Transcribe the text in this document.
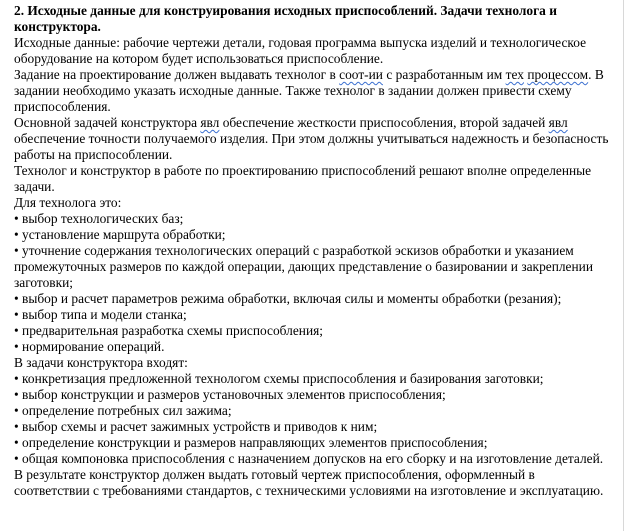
2. Исходные данные для конструирования исходных приспособлений. Задачи технолога и конструктора.

Исходные данные: рабочие чертежи детали, годовая программа выпуска изделий и технологическое оборудование на котором будет использоваться приспособление.

Задание на проектирование должен выдавать технолог в соот-ии с разработанным им тех процессом. В задании необходимо указать исходные данные. Также технолог в задании должен привести схему приспособления.

Основной задачей конструктора явл обеспечение жесткости приспособления, второй задачей явл обеспечение точности получаемого изделия. При этом должны учитываться надежность и безопасность работы на приспособлении.

Технолог и конструктор в работе по проектированию приспособлений решают вполне определенные задачи.

Для технолога это:

• выбор технологических баз;

• установление маршрута обработки;

• уточнение содержания технологических операций с разработкой эскизов обработки и указанием промежуточных размеров по каждой операции, дающих представление о базировании и закреплении заготовки;

• выбор и расчет параметров режима обработки, включая силы и моменты обработки (резания);

• выбор типа и модели станка;

• предварительная разработка схемы приспособления;

• нормирование операций.

В задачи конструктора входят:

• конкретизация предложенной технологом схемы приспособления и базирования заготовки;

• выбор конструкции и размеров установочных элементов приспособления;

• определение потребных сил зажима;

• выбор схемы и расчет зажимных устройств и приводов к ним;

• определение конструкции и размеров направляющих элементов приспособления;

• общая компоновка приспособления с назначением допусков на его сборку и на изготовление деталей.

В результате конструктор должен выдать готовый чертеж приспособления, оформленный в соответствии с требованиями стандартов, с техническими условиями на изготовление и эксплуатацию.
